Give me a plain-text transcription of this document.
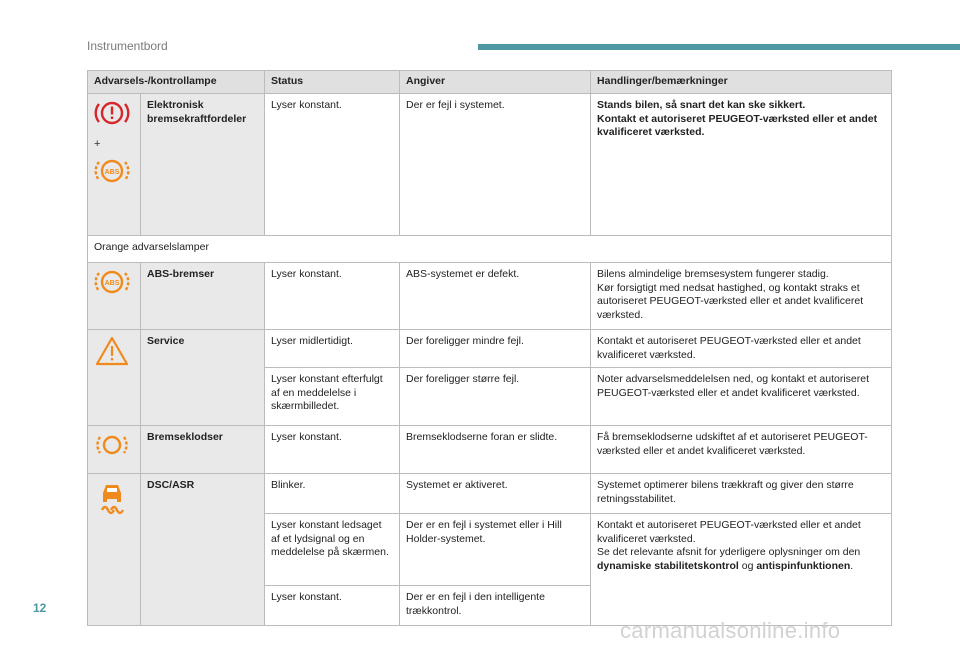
Instrumentbord
Advarsels-/kontrollampe		Status	Angiver	Handlinger/bemærkninger

+
ABS	Elektronisk bremsekraftfordeler	Lyser konstant.	Der er fejl i systemet.	Stands bilen, så snart det kan ske sikkert.
Kontakt et autoriseret PEUGEOT-værksted eller et andet kvalificeret værksted.
Orange advarselslamper				

ABS	ABS-bremser	Lyser konstant.	ABS-systemet er defekt.	Bilens almindelige bremsesystem fungerer stadig.
Kør forsigtigt med nedsat hastighed, og kontakt straks et autoriseret PEUGEOT-værksted eller et andet kvalificeret værksted.
	Service	Lyser midlertidigt.	Der foreligger mindre fejl.	Kontakt et autoriseret PEUGEOT-værksted eller et andet kvalificeret værksted.
		Lyser konstant efterfulgt af en meddelelse i skærmbilledet.	Der foreligger større fejl.	Noter advarselsmeddelelsen ned, og kontakt et autoriseret PEUGEOT-værksted eller et andet kvalificeret værksted.
	Bremseklodser	Lyser konstant.	Bremseklodserne foran er slidte.	Få bremseklodserne udskiftet af et autoriseret PEUGEOT-værksted eller et andet kvalificeret værksted.
	DSC/ASR	Blinker.	Systemet er aktiveret.	Systemet optimerer bilens trækkraft og giver den større retningsstabilitet.
		Lyser konstant ledsaget af et lydsignal og en meddelelse på skærmen.	Der er en fejl i systemet eller i Hill Holder-systemet.	Kontakt et autoriseret PEUGEOT-værksted eller et andet kvalificeret værksted.
Se det relevante afsnit for yderligere oplysninger om den dynamiske stabilitetskontrol og antispinfunktionen.
		Lyser konstant.	Der er en fejl i den intelligente trækkontrol.	
12
carmanualsonline.info
